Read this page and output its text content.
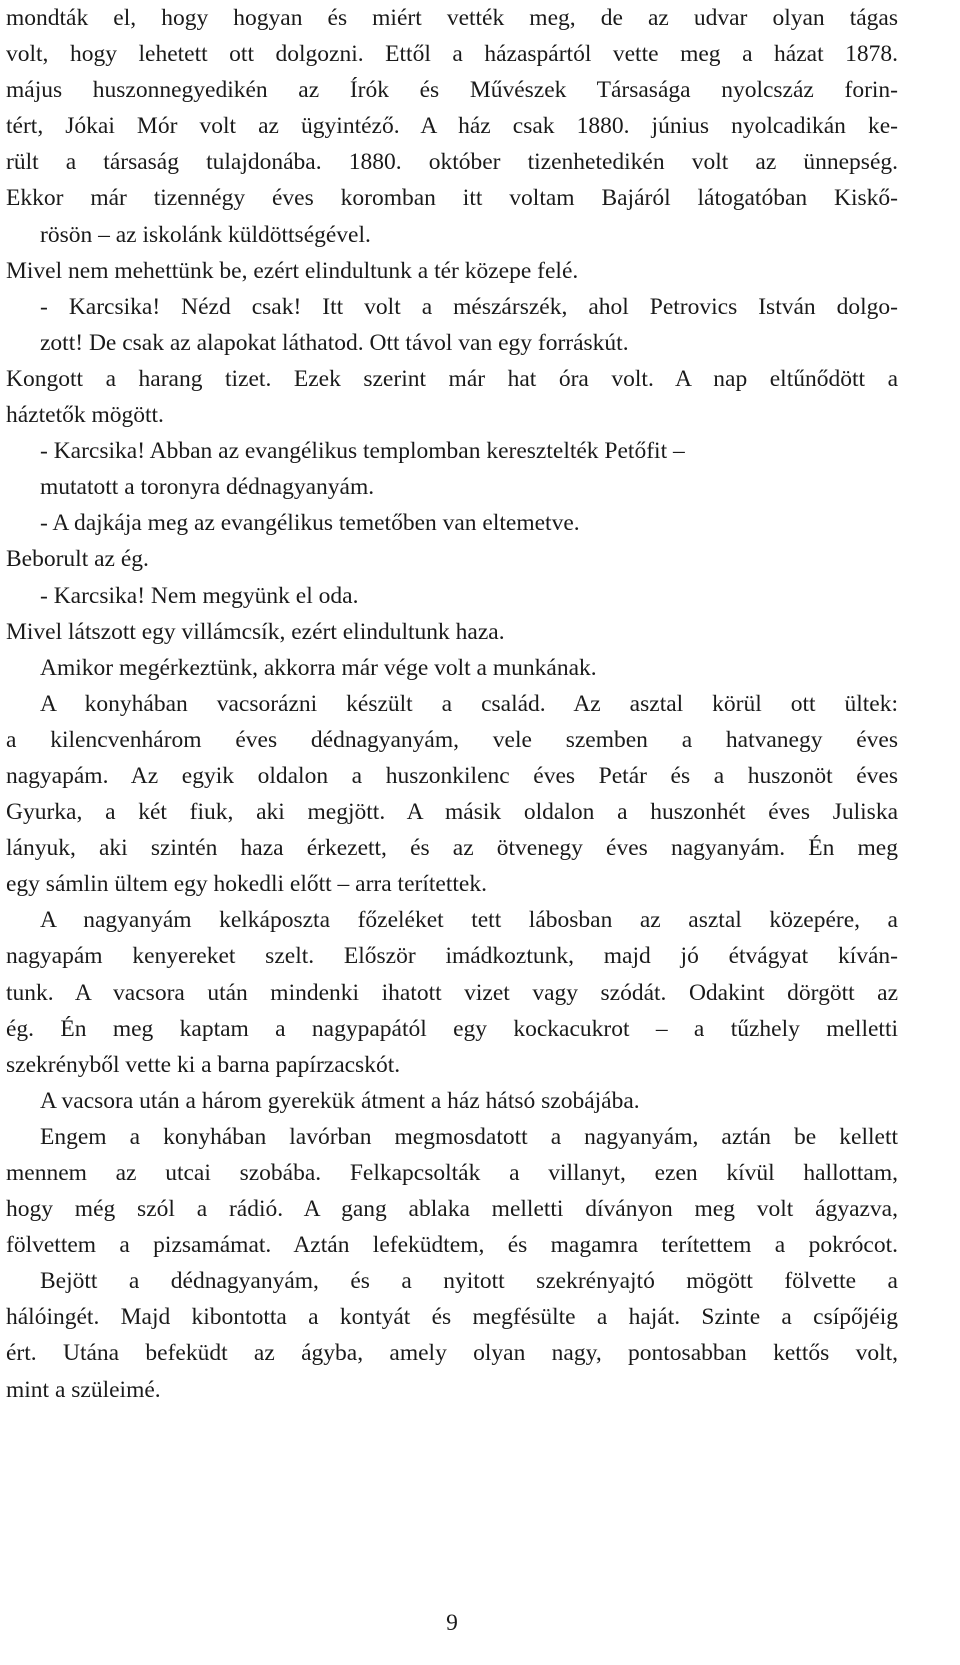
mondták el, hogy hogyan és miért vették meg, de az udvar olyan tágas
volt, hogy lehetett ott dolgozni. Ettől a házaspártól vette meg a házat 1878.
május huszonnegyedikén az Írók és Művészek Társasága nyolcszáz forin-
tért, Jókai Mór volt az ügyintéző. A ház csak 1880. június nyolcadikán ke-
rült a társaság tulajdonába. 1880. október tizenhetedikén volt az ünnepség.
Ekkor már tizennégy éves koromban itt voltam Bajáról látogatóban Kiskő-
rösön – az iskolánk küldöttségével.
Mivel nem mehettünk be, ezért elindultunk a tér közepe felé.
- Karcsika! Nézd csak! Itt volt a mészárszék, ahol Petrovics István dolgo-
zott! De csak az alapokat láthatod. Ott távol van egy forráskút.
Kongott a harang tizet. Ezek szerint már hat óra volt. A nap eltűnődött a
háztetők mögött.
- Karcsika! Abban az evangélikus templomban keresztelték Petőfit –
mutatott a toronyra dédnagyanyám.
- A dajkája meg az evangélikus temetőben van eltemetve.
Beborult az ég.
- Karcsika! Nem megyünk el oda.
Mivel látszott egy villámcsík, ezért elindultunk haza.
Amikor megérkeztünk, akkorra már vége volt a munkának.
A konyhában vacsorázni készült a család. Az asztal körül ott ültek:
a kilencvenhárom éves dédnagyanyám, vele szemben a hatvanegy éves
nagyapám. Az egyik oldalon a huszonkilenc éves Petár és a huszonöt éves
Gyurka, a két fiuk, aki megjött. A másik oldalon a huszonhét éves Juliska
lányuk, aki szintén haza érkezett, és az ötvenegy éves nagyanyám. Én meg
egy sámlin ültem egy hokedli előtt – arra terítettek.
A nagyanyám kelkáposzta főzeléket tett lábosban az asztal közepére, a
nagyapám kenyereket szelt. Először imádkoztunk, majd jó étvágyat kíván-
tunk. A vacsora után mindenki ihatott vizet vagy szódát. Odakint dörgött az
ég. Én meg kaptam a nagypapától egy kockacukrot – a tűzhely melletti
szekrényből vette ki a barna papírzacskót.
A vacsora után a három gyerekük átment a ház hátsó szobájába.
Engem a konyhában lavórban megmosdatott a nagyanyám, aztán be kellett
mennem az utcai szobába. Felkapcsolták a villanyt, ezen kívül hallottam,
hogy még szól a rádió. A gang ablaka melletti díványon meg volt ágyazva,
fölvettem a pizsamámat. Aztán lefeküdtem, és magamra terítettem a pokrócot.
Bejött a dédnagyanyám, és a nyitott szekrényajtó mögött fölvette a
hálóingét. Majd kibontotta a kontyát és megfésülte a haját. Szinte a csípőjéig
ért. Utána befeküdt az ágyba, amely olyan nagy, pontosabban kettős volt,
mint a szüleimé.
9
